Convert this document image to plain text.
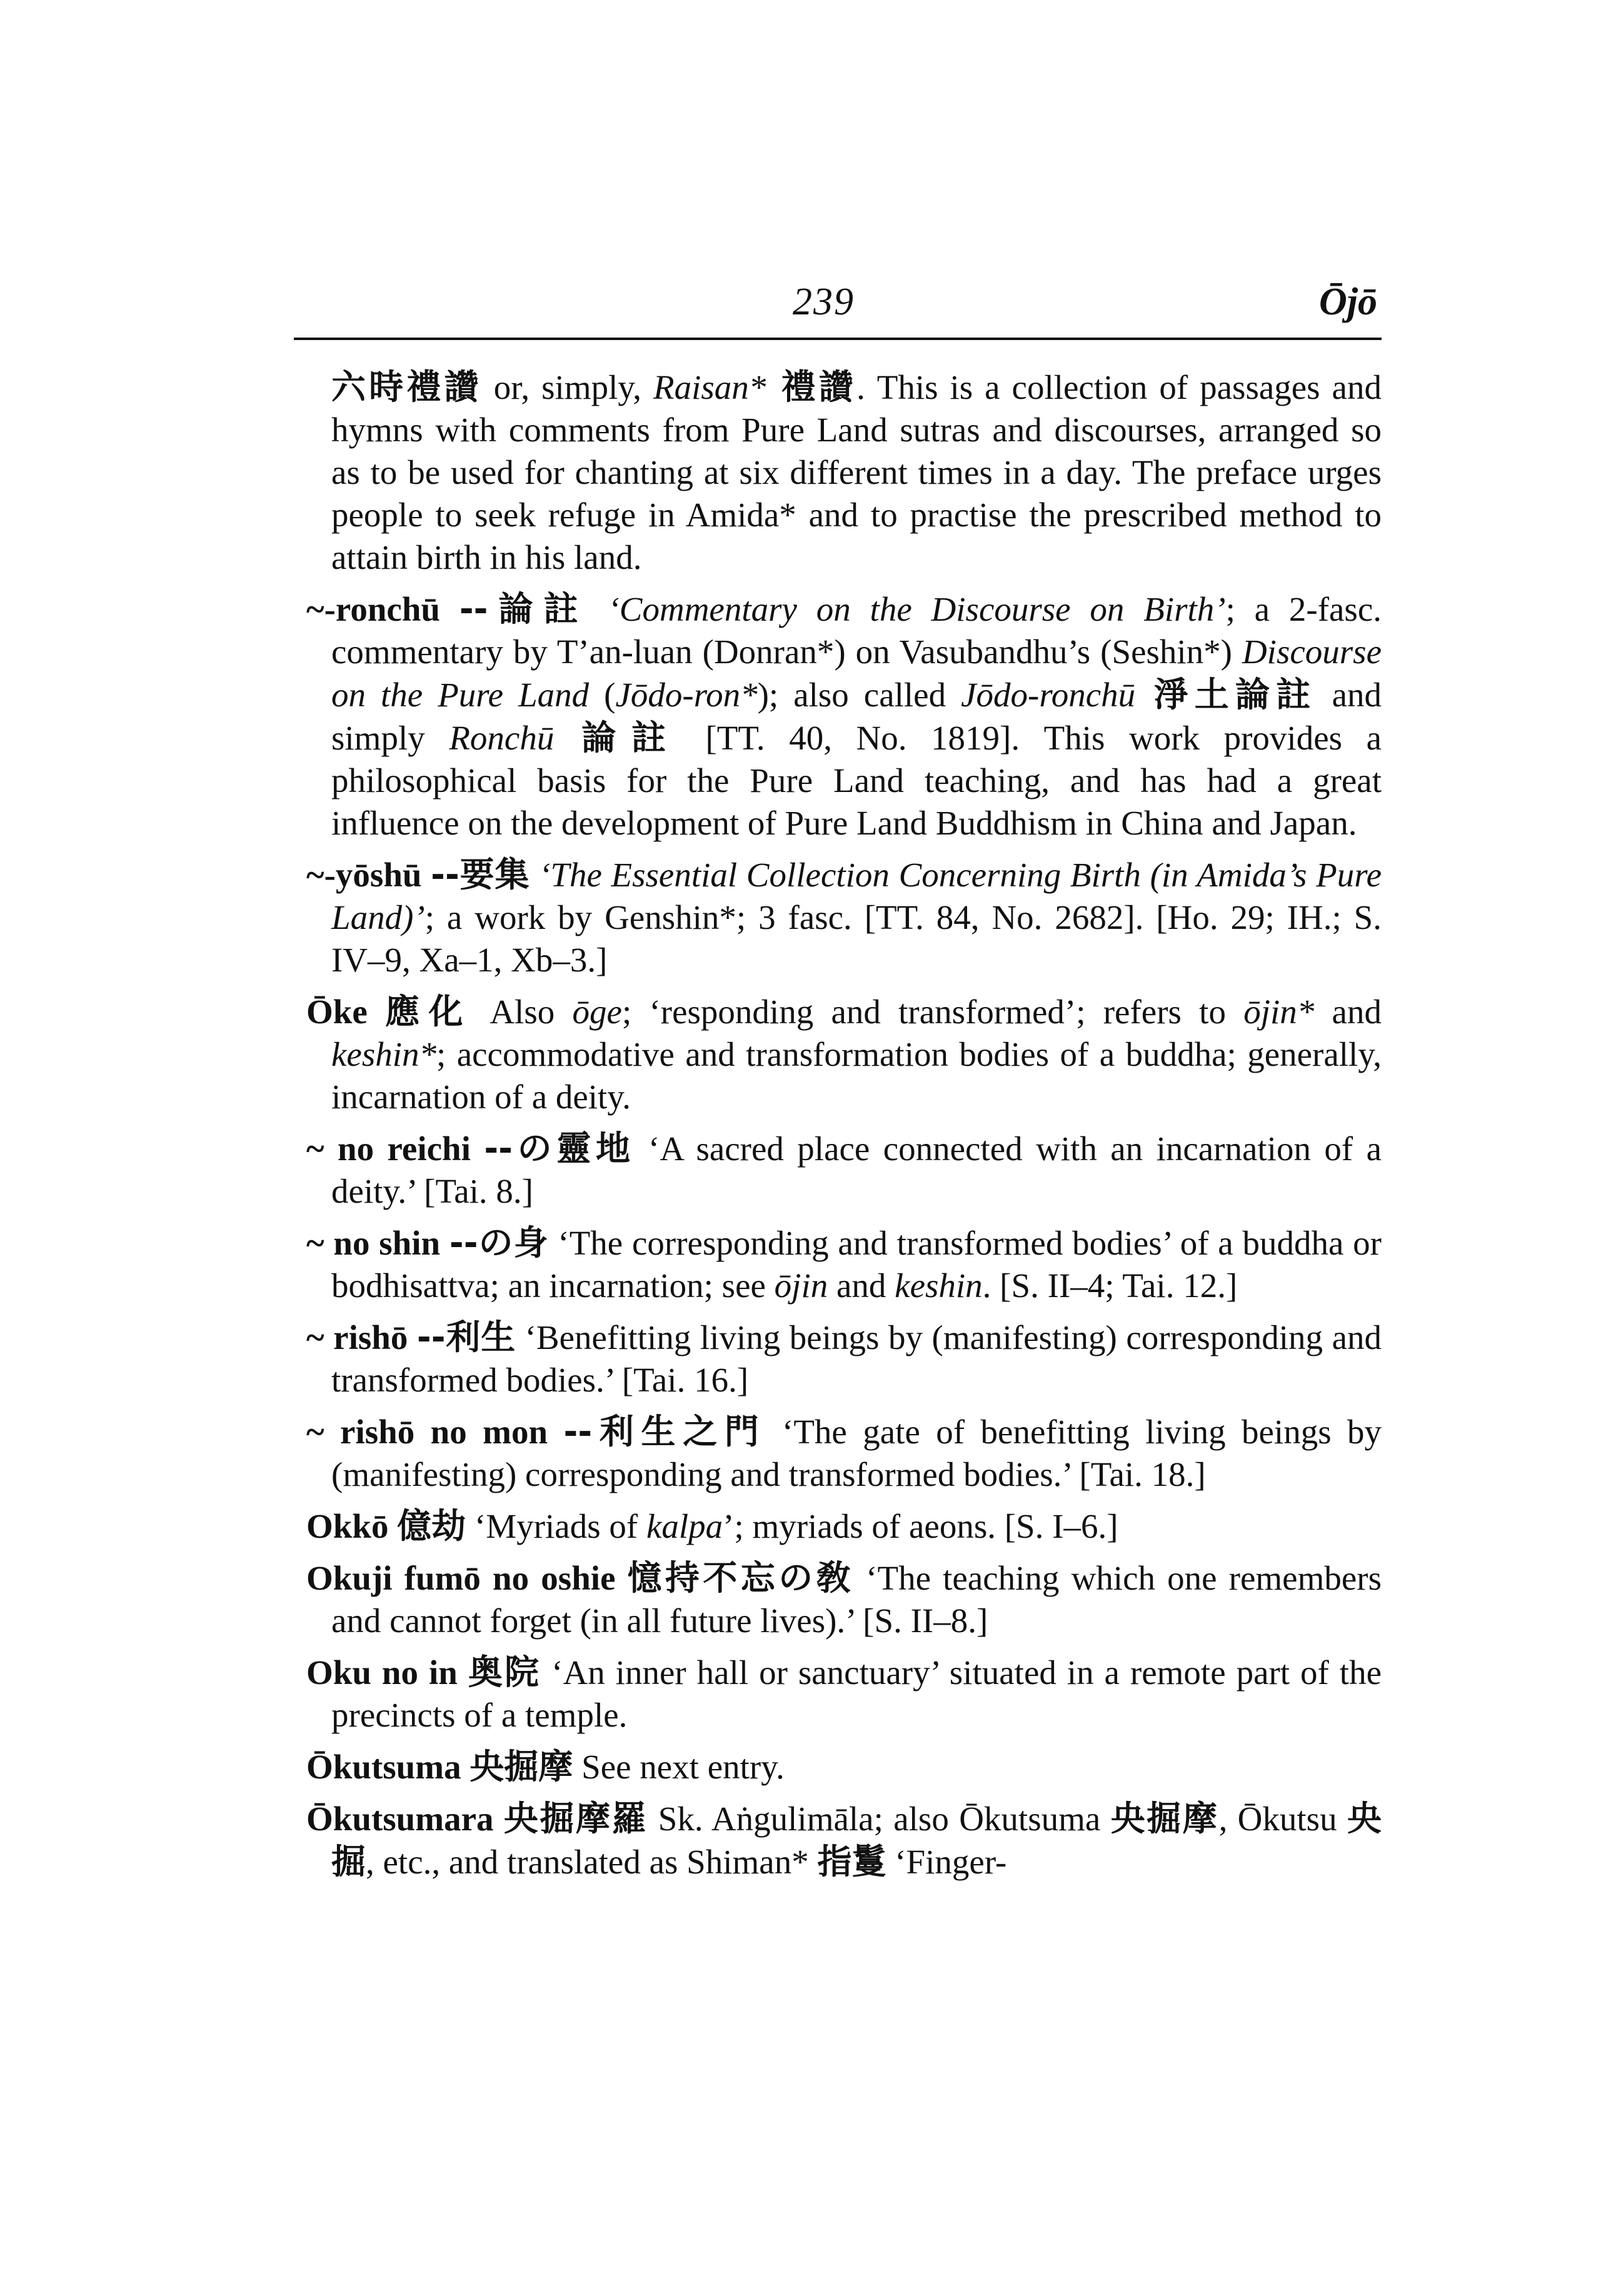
239	Ōjō

六時禮讚 or, simply, Raisan* 禮讚. This is a collection of passages and hymns with comments from Pure Land sutras and discourses, arranged so as to be used for chanting at six different times in a day. The preface urges people to seek refuge in Amida* and to practise the prescribed method to attain birth in his land.

~-ronchū --論註 ‘Commentary on the Discourse on Birth’; a 2-fasc. commentary by T’an-luan (Donran*) on Vasubandhu’s (Seshin*) Discourse on the Pure Land (Jōdo-ron*); also called Jōdo-ronchū 淨土論註 and simply Ronchū 論註 [TT. 40, No. 1819]. This work provides a philosophical basis for the Pure Land teaching, and has had a great influence on the development of Pure Land Buddhism in China and Japan.

~-yōshū --要集 ‘The Essential Collection Concerning Birth (in Amida’s Pure Land)’; a work by Genshin*; 3 fasc. [TT. 84, No. 2682]. [Ho. 29; IH.; S. IV–9, Xa–1, Xb–3.]

Ōke 應化 Also ōge; ‘responding and transformed’; refers to ōjin* and keshin*; accommodative and transformation bodies of a buddha; generally, incarnation of a deity.

~ no reichi --の靈地 ‘A sacred place connected with an incarnation of a deity.’ [Tai. 8.]

~ no shin --の身 ‘The corresponding and transformed bodies’ of a buddha or bodhisattva; an incarnation; see ōjin and keshin. [S. II–4; Tai. 12.]

~ rishō --利生 ‘Benefitting living beings by (manifesting) corresponding and transformed bodies.’ [Tai. 16.]

~ rishō no mon --利生之門 ‘The gate of benefitting living beings by (manifesting) corresponding and transformed bodies.’ [Tai. 18.]

Okkō 億劫 ‘Myriads of kalpa’; myriads of aeons. [S. I–6.]

Okuji fumō no oshie 憶持不忘の敎 ‘The teaching which one remembers and cannot forget (in all future lives).’ [S. II–8.]

Oku no in 奥院 ‘An inner hall or sanctuary’ situated in a remote part of the precincts of a temple.

Ōkutsuma 央掘摩 See next entry.

Ōkutsumara 央掘摩羅 Sk. Aṅgulimāla; also Ōkutsuma 央掘摩, Ōkutsu 央掘, etc., and translated as Shiman* 指鬘 ‘Finger-
